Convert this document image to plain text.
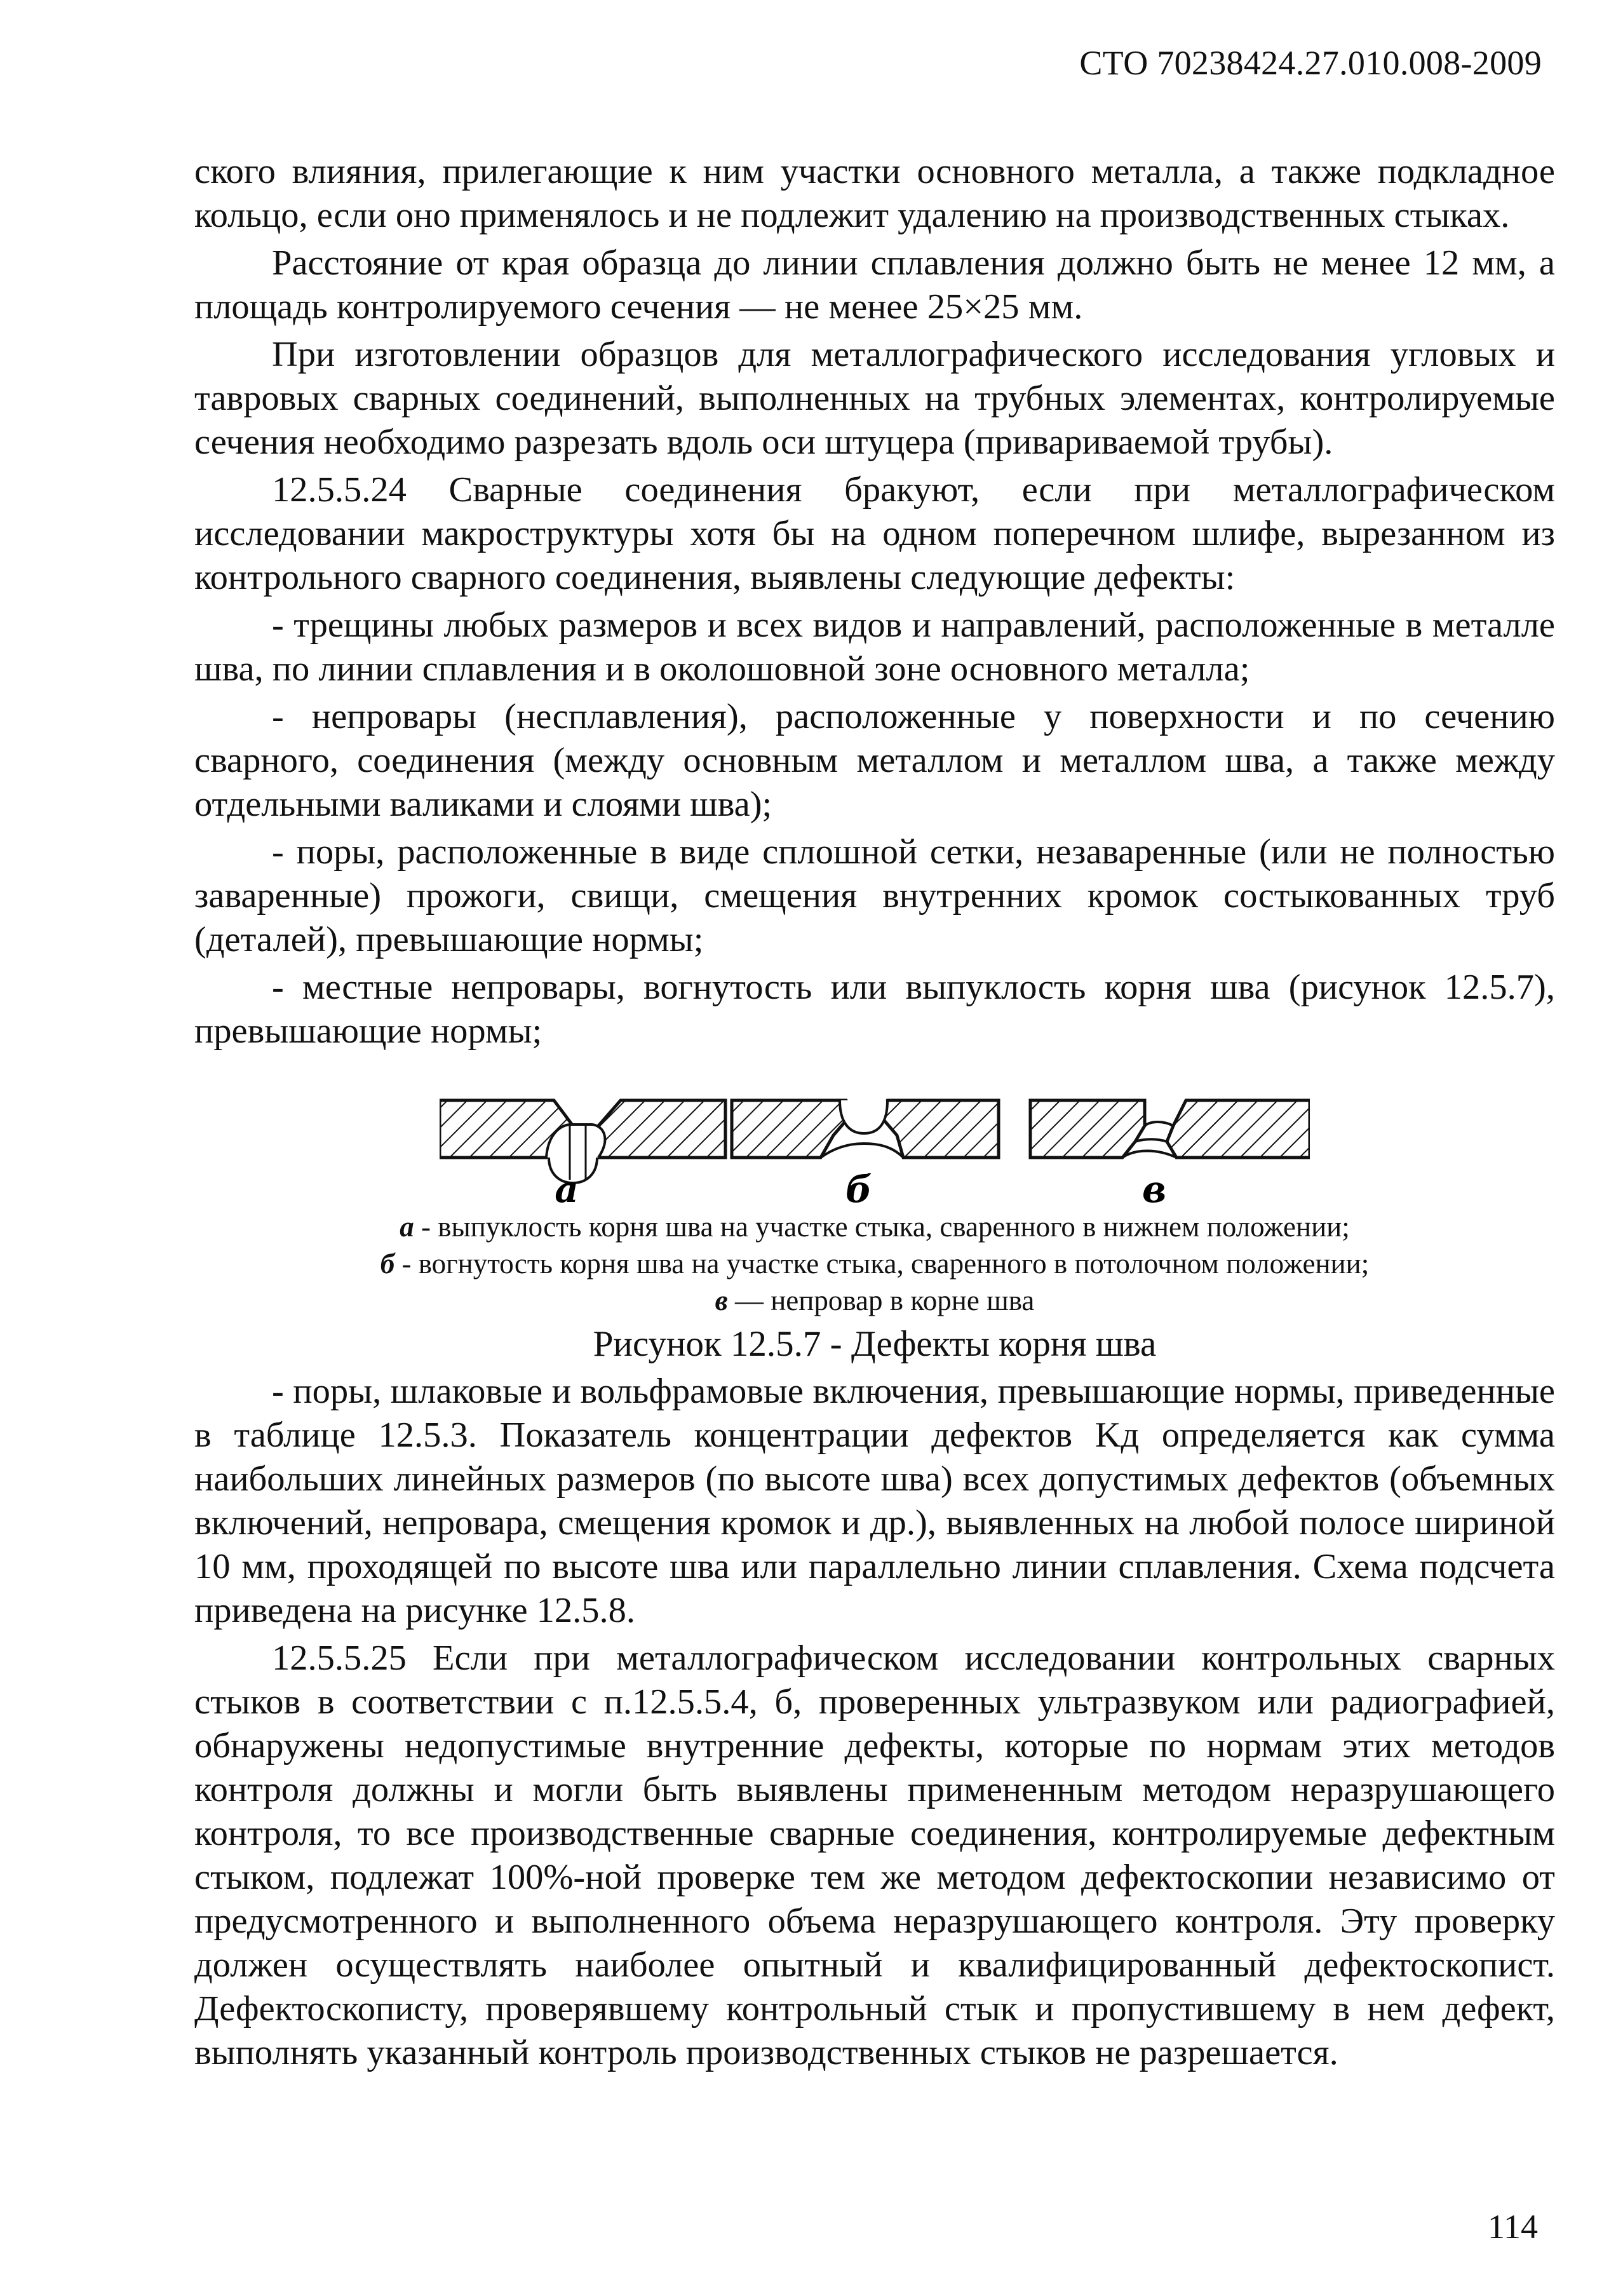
СТО 70238424.27.010.008-2009

ского влияния, прилегающие к ним участки основного металла, а также подкладное кольцо, если оно применялось и не подлежит удалению на производственных стыках.

Расстояние от края образца до линии сплавления должно быть не менее 12 мм, а площадь контролируемого сечения — не менее 25×25 мм.

При изготовлении образцов для металлографического исследования угловых и тавровых сварных соединений, выполненных на трубных элементах, контролируемые сечения необходимо разрезать вдоль оси штуцера (привариваемой трубы).

12.5.5.24 Сварные соединения бракуют, если при металлографическом исследовании макроструктуры хотя бы на одном поперечном шлифе, вырезанном из контрольного сварного соединения, выявлены следующие дефекты:

- трещины любых размеров и всех видов и направлений, расположенные в металле шва, по линии сплавления и в околошовной зоне основного металла;

- непровары (несплавления), расположенные у поверхности и по сечению сварного, соединения (между основным металлом и металлом шва, а также между отдельными валиками и слоями шва);

- поры, расположенные в виде сплошной сетки, незаваренные (или не полностью заваренные) прожоги, свищи, смещения внутренних кромок состыкованных труб (деталей), превышающие нормы;

- местные непровары, вогнутость или выпуклость корня шва (рисунок 12.5.7), превышающие нормы;

а	б	в

а - выпуклость корня шва на участке стыка, сваренного в нижнем положении;

б - вогнутость корня шва на участке стыка, сваренного в потолочном положении;

в — непровар в корне шва

Рисунок 12.5.7 - Дефекты корня шва

- поры, шлаковые и вольфрамовые включения, превышающие нормы, приведенные в таблице 12.5.3. Показатель концентрации дефектов Kд определяется как сумма наибольших линейных размеров (по высоте шва) всех допустимых дефектов (объемных включений, непровара, смещения кромок и др.), выявленных на любой полосе шириной 10 мм, проходящей по высоте шва или параллельно линии сплавления. Схема подсчета приведена на рисунке 12.5.8.

12.5.5.25 Если при металлографическом исследовании контрольных сварных стыков в соответствии с п.12.5.5.4, б, проверенных ультразвуком или радиографией, обнаружены недопустимые внутренние дефекты, которые по нормам этих методов контроля должны и могли быть выявлены примененным методом неразрушающего контроля, то все производственные сварные соединения, контролируемые дефектным стыком, подлежат 100%-ной проверке тем же методом дефектоскопии независимо от предусмотренного и выполненного объема неразрушающего контроля. Эту проверку должен осуществлять наиболее опытный и квалифицированный дефектоскопист. Дефектоскописту, проверявшему контрольный стык и пропустившему в нем дефект, выполнять указанный контроль производственных стыков не разрешается.

114
